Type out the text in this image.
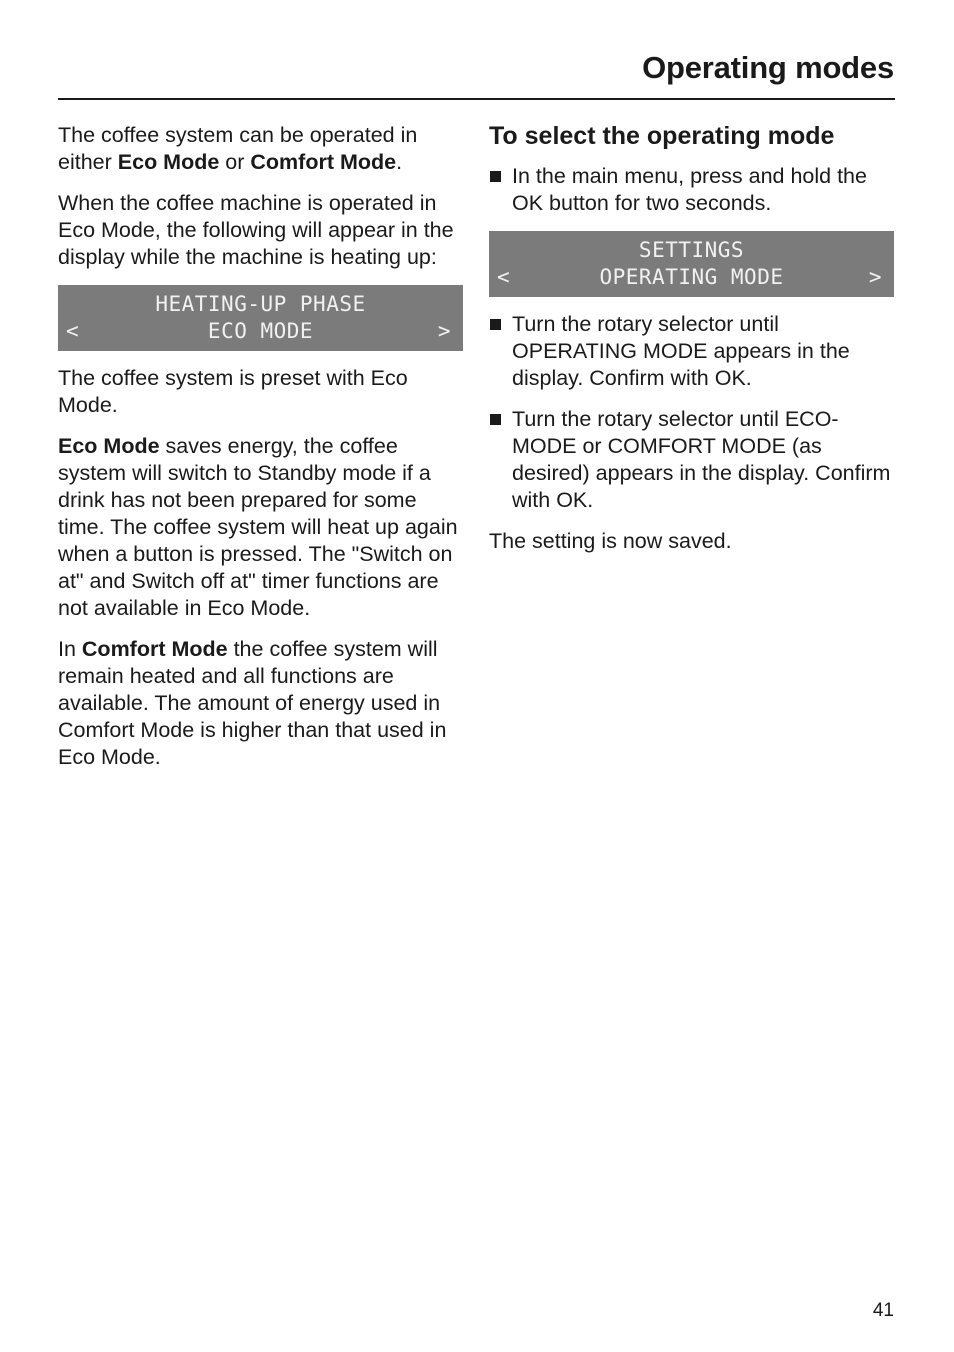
Operating modes

The coffee system can be operated in either Eco Mode or Comfort Mode.

When the coffee machine is operated in Eco Mode, the following will appear in the display while the machine is heating up:

HEATING-UP PHASE
<	ECO MODE	>

The coffee system is preset with Eco Mode.

Eco Mode saves energy, the coffee system will switch to Standby mode if a drink has not been prepared for some time. The coffee system will heat up again when a button is pressed. The "Switch on at" and Switch off at" timer functions are not available in Eco Mode.

In Comfort Mode the coffee system will remain heated and all functions are available. The amount of energy used in Comfort Mode is higher than that used in Eco Mode.

To select the operating mode
In the main menu, press and hold the OK button for two seconds.
SETTINGS
<	OPERATING MODE	>
Turn the rotary selector until OPERATING MODE appears in the display. Confirm with OK.
Turn the rotary selector until ECO-MODE or COMFORT MODE (as desired) appears in the display. Confirm with OK.

The setting is now saved.

41
